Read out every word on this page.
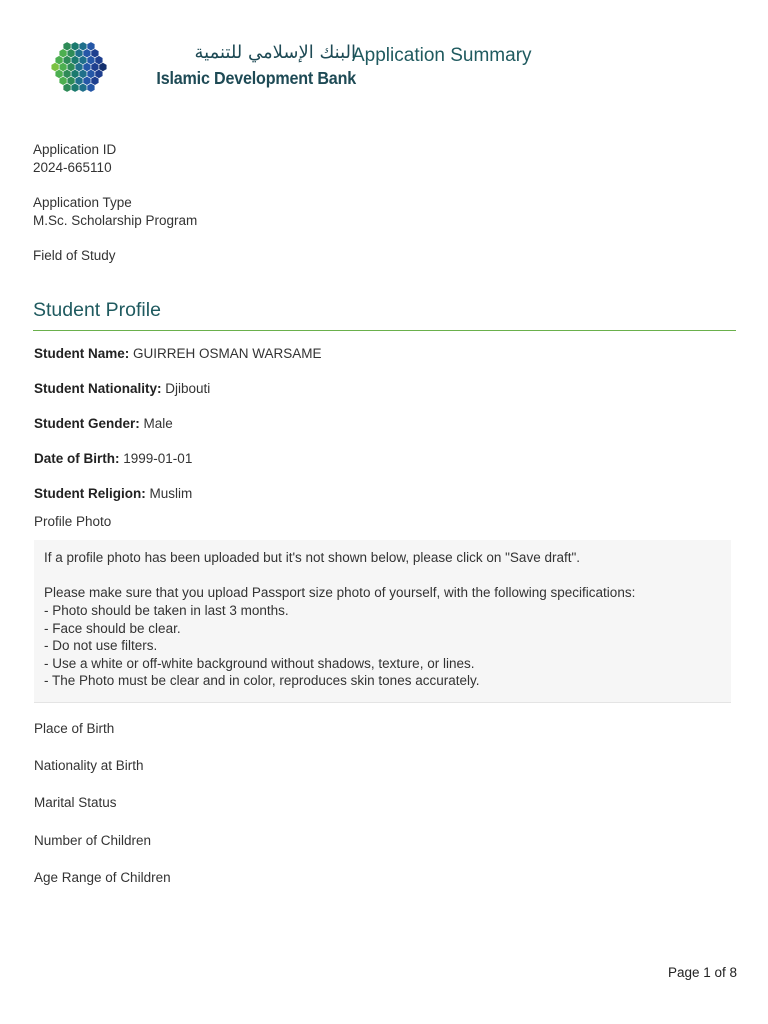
البنك الإسلامي للتنمية
Islamic Development Bank
Application Summary
Application ID
2024-665110
Application Type
M.Sc. Scholarship Program
Field of Study
Student Profile
Student Name: GUIRREH OSMAN WARSAME
Student Nationality: Djibouti
Student Gender: Male
Date of Birth: 1999-01-01
Student Religion: Muslim
Profile Photo
If a profile photo has been uploaded but it's not shown below, please click on "Save draft".
Please make sure that you upload Passport size photo of yourself, with the following specifications:
- Photo should be taken in last 3 months.
- Face should be clear.
- Do not use filters.
- Use a white or off-white background without shadows, texture, or lines.
- The Photo must be clear and in color, reproduces skin tones accurately.
Place of Birth
Nationality at Birth
Marital Status
Number of Children
Age Range of Children
Page 1 of 8
